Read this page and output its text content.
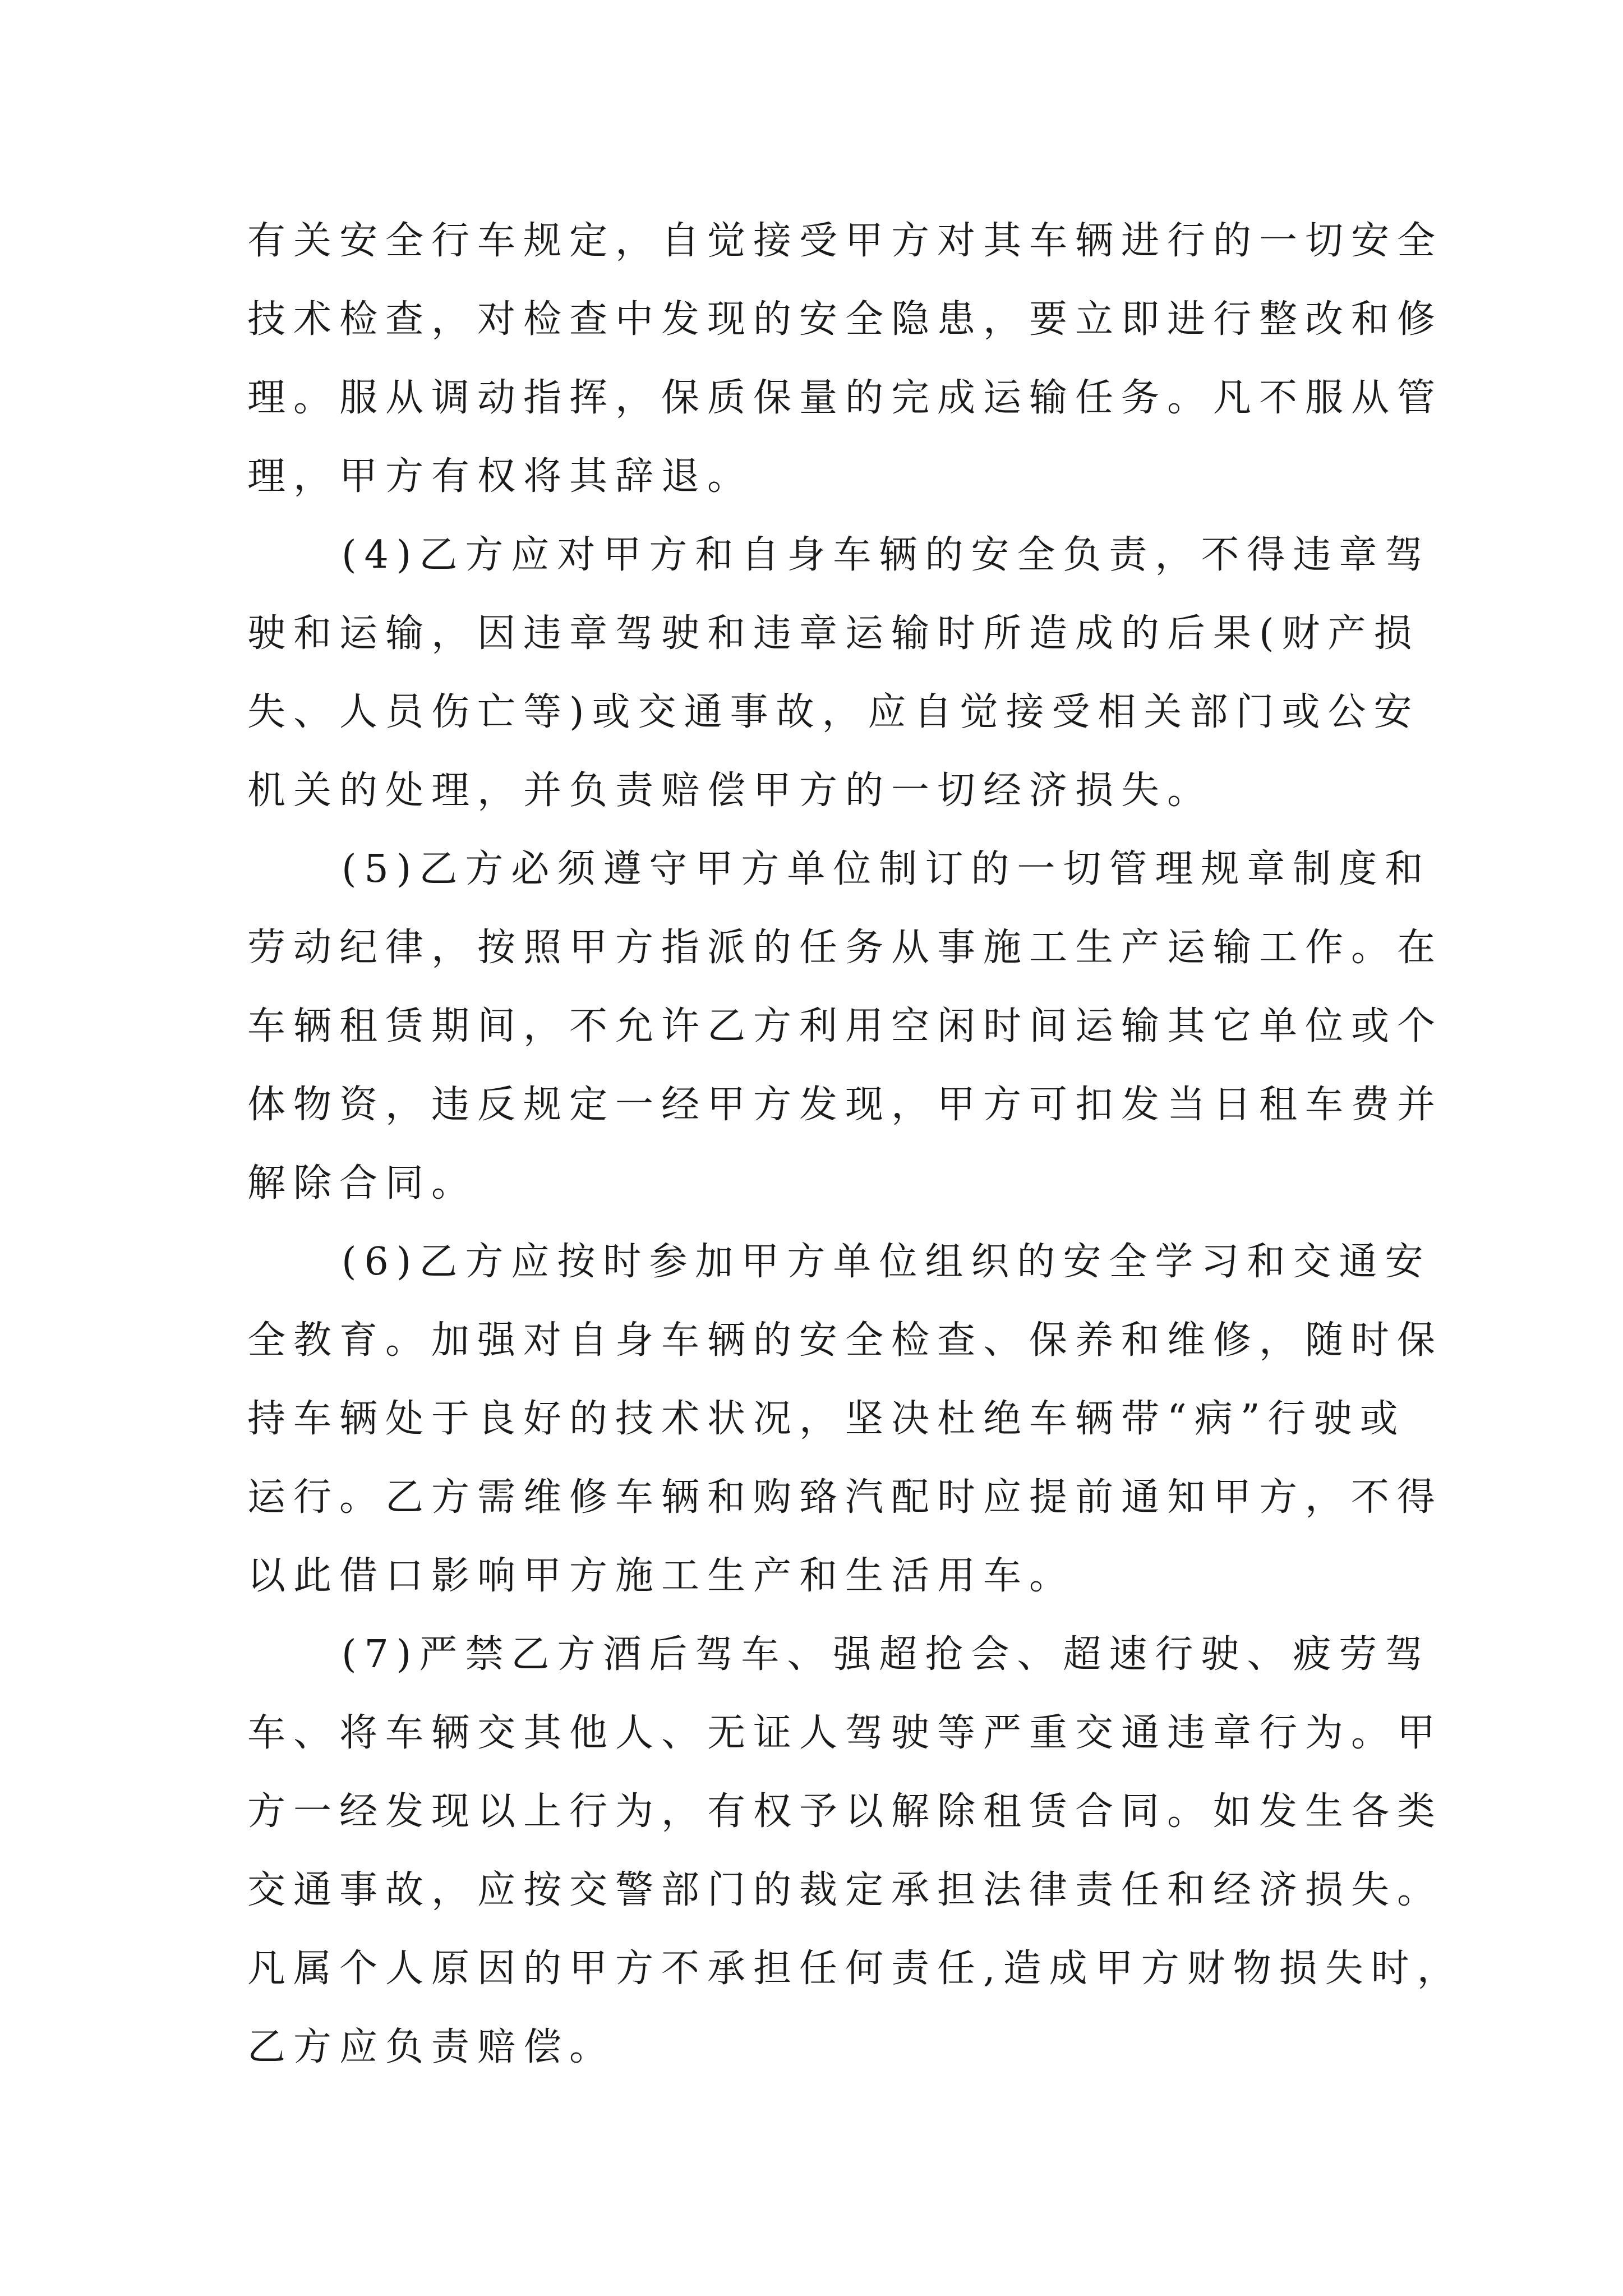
有关安全行车规定，自觉接受甲方对其车辆进行的一切安全
技术检查，对检查中发现的安全隐患，要立即进行整改和修
理。服从调动指挥，保质保量的完成运输任务。凡不服从管
理，甲方有权将其辞退。
(4)乙方应对甲方和自身车辆的安全负责，不得违章驾
驶和运输，因违章驾驶和违章运输时所造成的后果(财产损
失、人员伤亡等)或交通事故，应自觉接受相关部门或公安
机关的处理，并负责赔偿甲方的一切经济损失。
(5)乙方必须遵守甲方单位制订的一切管理规章制度和
劳动纪律，按照甲方指派的任务从事施工生产运输工作。在
车辆租赁期间，不允许乙方利用空闲时间运输其它单位或个
体物资，违反规定一经甲方发现，甲方可扣发当日租车费并
解除合同。
(6)乙方应按时参加甲方单位组织的安全学习和交通安
全教育。加强对自身车辆的安全检查、保养和维修，随时保
持车辆处于良好的技术状况，坚决杜绝车辆带“病”行驶或
运行。乙方需维修车辆和购臵汽配时应提前通知甲方，不得
以此借口影响甲方施工生产和生活用车。
(7)严禁乙方酒后驾车、强超抢会、超速行驶、疲劳驾
车、将车辆交其他人、无证人驾驶等严重交通违章行为。甲
方一经发现以上行为，有权予以解除租赁合同。如发生各类
交通事故，应按交警部门的裁定承担法律责任和经济损失。
凡属个人原因的甲方不承担任何责任,造成甲方财物损失时，
乙方应负责赔偿。
